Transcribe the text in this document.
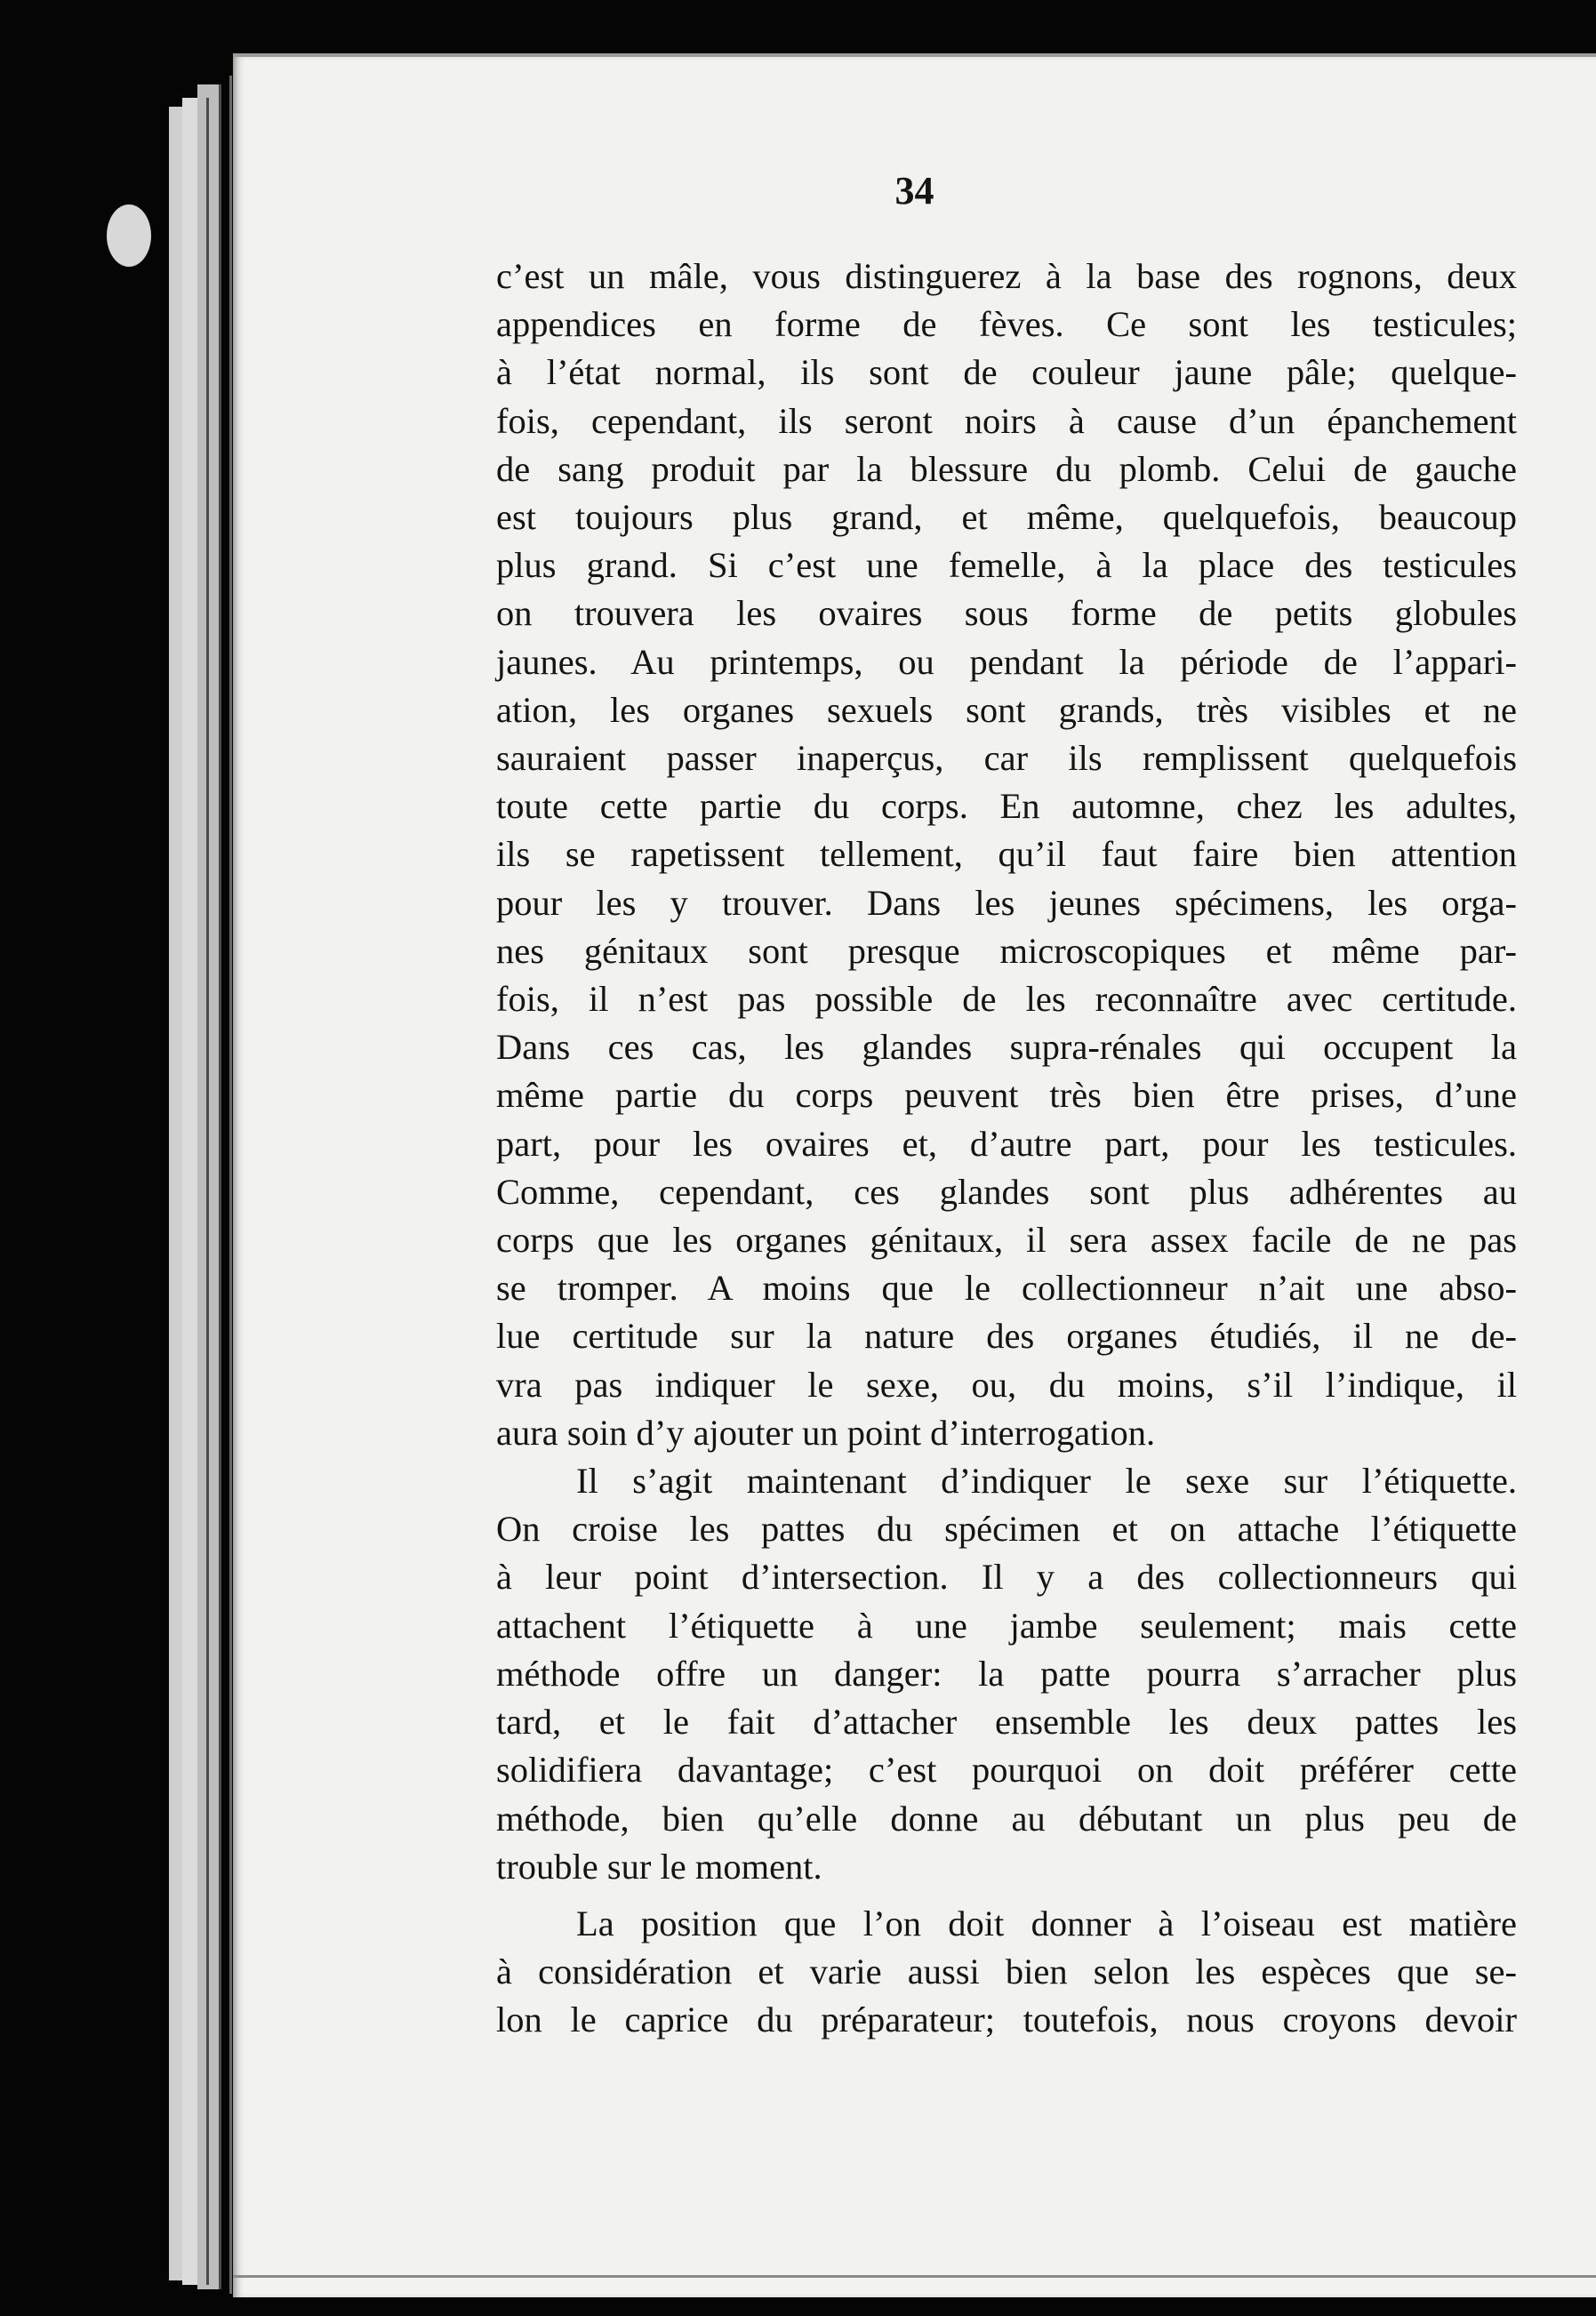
34

c’est un mâle, vous distinguerez à la base des rognons, deux

appendices en forme de fèves. Ce sont les testicules;

à l’état normal, ils sont de couleur jaune pâle; quelque-

fois, cependant, ils seront noirs à cause d’un épanchement

de sang produit par la blessure du plomb. Celui de gauche

est toujours plus grand, et même, quelquefois, beaucoup

plus grand. Si c’est une femelle, à la place des testicules

on trouvera les ovaires sous forme de petits globules

jaunes. Au printemps, ou pendant la période de l’appari-

ation, les organes sexuels sont grands, très visibles et ne

sauraient passer inaperçus, car ils remplissent quelquefois

toute cette partie du corps. En automne, chez les adultes,

ils se rapetissent tellement, qu’il faut faire bien attention

pour les y trouver. Dans les jeunes spécimens, les orga-

nes génitaux sont presque microscopiques et même par-

fois, il n’est pas possible de les reconnaître avec certitude.

Dans ces cas, les glandes supra-rénales qui occupent la

même partie du corps peuvent très bien être prises, d’une

part, pour les ovaires et, d’autre part, pour les testicules.

Comme, cependant, ces glandes sont plus adhérentes au

corps que les organes génitaux, il sera assex facile de ne pas

se tromper. A moins que le collectionneur n’ait une abso-

lue certitude sur la nature des organes étudiés, il ne de-

vra pas indiquer le sexe, ou, du moins, s’il l’indique, il

aura soin d’y ajouter un point d’interrogation.

Il s’agit maintenant d’indiquer le sexe sur l’étiquette.

On croise les pattes du spécimen et on attache l’étiquette

à leur point d’intersection. Il y a des collectionneurs qui

attachent l’étiquette à une jambe seulement; mais cette

méthode offre un danger: la patte pourra s’arracher plus

tard, et le fait d’attacher ensemble les deux pattes les

solidifiera davantage; c’est pourquoi on doit préférer cette

méthode, bien qu’elle donne au débutant un plus peu de

trouble sur le moment.

La position que l’on doit donner à l’oiseau est matière

à considération et varie aussi bien selon les espèces que se-

lon le caprice du préparateur; toutefois, nous croyons devoir
